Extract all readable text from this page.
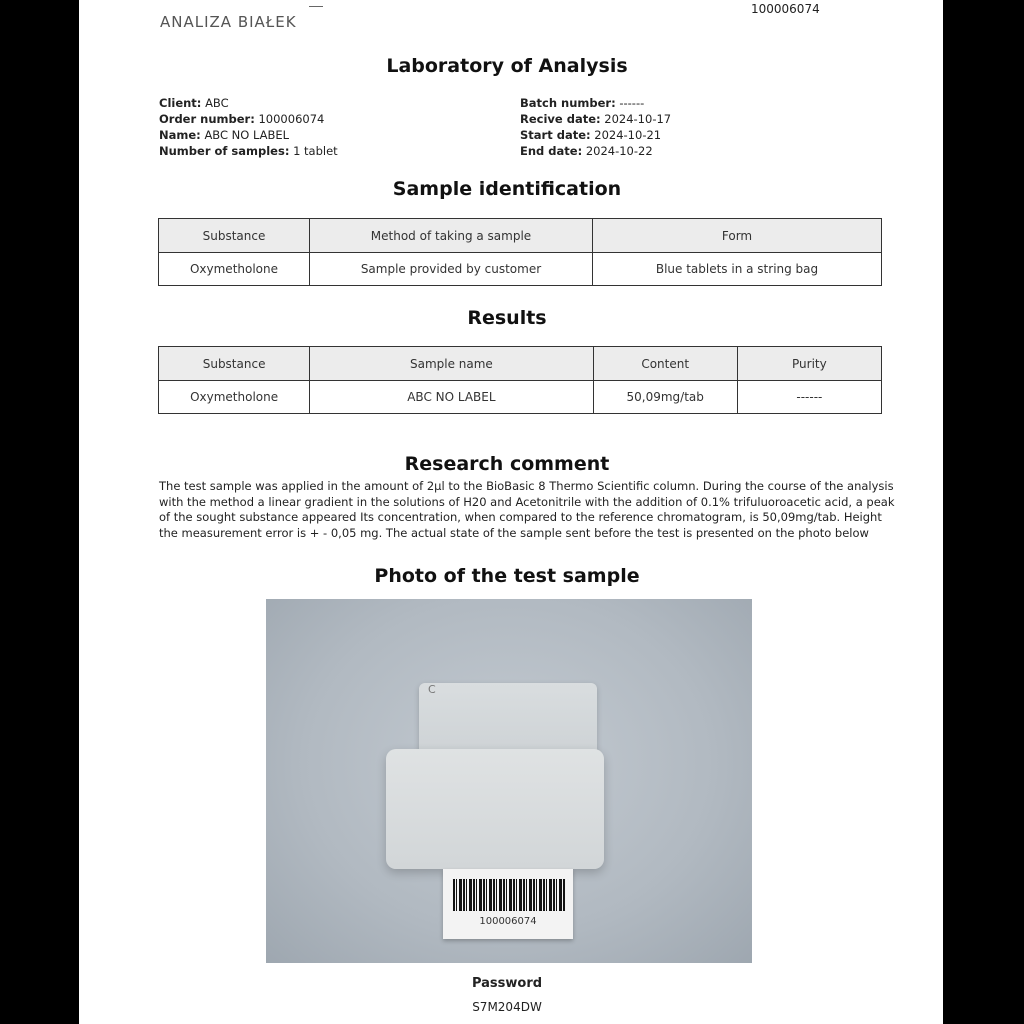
ANALIZA BIAŁEK
100006074
Laboratory of Analysis
Client: ABC
Order number: 100006074
Name: ABC NO LABEL
Number of samples: 1 tablet
Batch number: ------
Recive date: 2024-10-17
Start date: 2024-10-21
End date: 2024-10-22
Sample identification
Substance	Method of taking a sample	Form
Oxymetholone	Sample provided by customer	Blue tablets in a string bag
Results
Substance	Sample name	Content	Purity
Oxymetholone	ABC NO LABEL	50,09mg/tab	------
Research comment
The test sample was applied in the amount of 2µl to the BioBasic 8 Thermo Scientific column. During the course of the analysis with the method a linear gradient in the solutions of H20 and Acetonitrile with the addition of 0.1% trifuluoroacetic acid, a peak of the sought substance appeared Its concentration, when compared to the reference chromatogram, is 50,09mg/tab. Height the measurement error is + - 0,05 mg. The actual state of the sample sent before the test is presented on the photo below
Photo of the test sample
C
100006074
Password
S7M204DW
